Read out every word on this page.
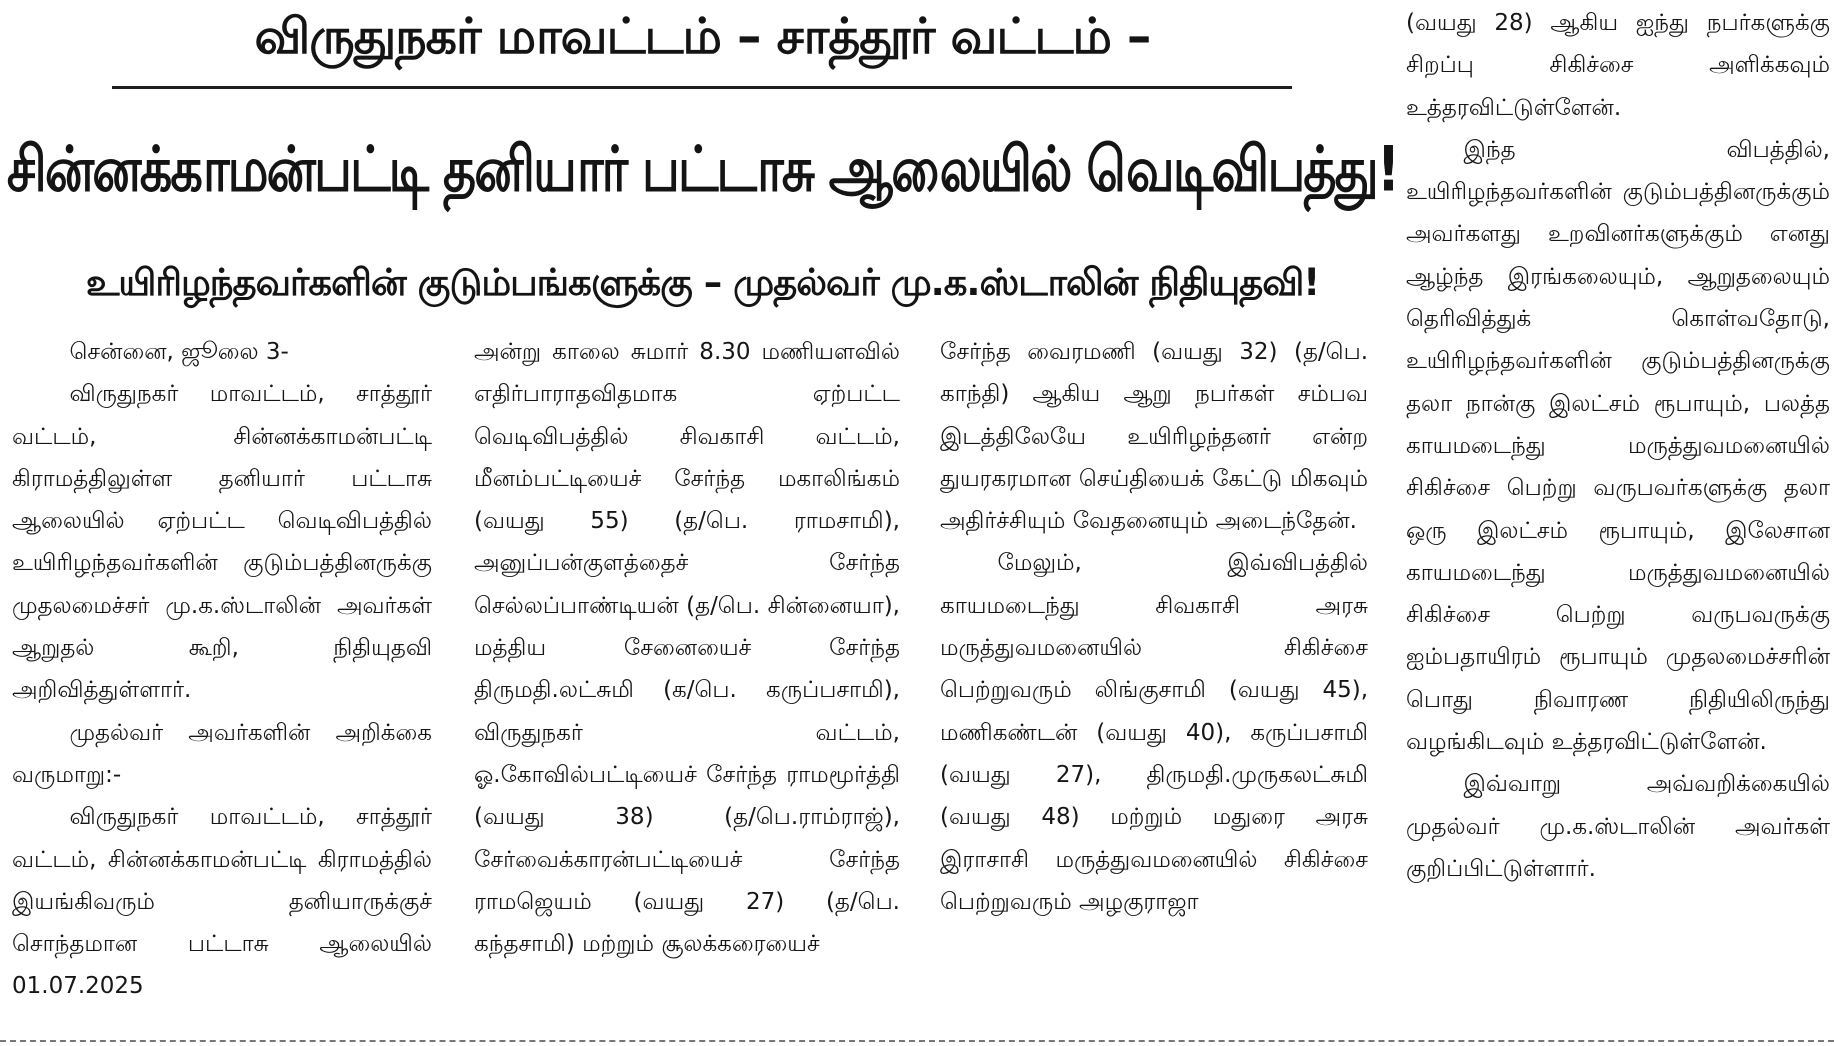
விருதுநகர் மாவட்டம் – சாத்தூர் வட்டம் –
சின்னக்காமன்பட்டி தனியார் பட்டாசு ஆலையில் வெடிவிபத்து!
உயிரிழந்தவர்களின் குடும்பங்களுக்கு – முதல்வர் மு.க.ஸ்டாலின் நிதியுதவி!

சென்னை, ஜூலை 3-

விருதுநகர் மாவட்டம், சாத்தூர் வட்டம், சின்னக்காமன்பட்டி கிராமத்திலுள்ள தனியார் பட்டாசு ஆலையில் ஏற்பட்ட வெடிவிபத்தில் உயிரிழந்தவர்களின் குடும்பத்தினருக்கு முதலமைச்சர் மு.க.ஸ்டாலின் அவர்கள் ஆறுதல் கூறி, நிதியுதவி அறிவித்துள்ளார்.

முதல்வர் அவர்களின் அறிக்கை வருமாறு:-

விருதுநகர் மாவட்டம், சாத்தூர் வட்டம், சின்னக்காமன்பட்டி கிராமத்தில் இயங்கிவரும் தனியாருக்குச் சொந்தமான பட்டாசு ஆலையில் 01.07.2025

அன்று காலை சுமார் 8.30 மணியளவில் எதிர்பாராதவிதமாக ஏற்பட்ட வெடிவிபத்தில் சிவகாசி வட்டம், மீனம்பட்டியைச் சேர்ந்த மகாலிங்கம் (வயது 55) (த/பெ. ராமசாமி), அனுப்பன்குளத்தைச் சேர்ந்த செல்லப்பாண்டியன் (த/பெ. சின்னையா), மத்திய சேனையைச் சேர்ந்த திருமதி.லட்சுமி (க/பெ. கருப்பசாமி), விருதுநகர் வட்டம், ஓ.கோவில்பட்டியைச் சேர்ந்த ராமமூர்த்தி (வயது 38) (த/பெ.ராம்ராஜ்), சேர்வைக்காரன்பட்டியைச் சேர்ந்த ராமஜெயம் (வயது 27) (த/பெ. கந்தசாமி) மற்றும் சூலக்கரையைச்

சேர்ந்த வைரமணி (வயது 32) (த/பெ. காந்தி) ஆகிய ஆறு நபர்கள் சம்பவ இடத்திலேயே உயிரிழந்தனர் என்ற துயரகரமான செய்தியைக் கேட்டு மிகவும் அதிர்ச்சியும் வேதனையும் அடைந்தேன்.

மேலும், இவ்விபத்தில் காயமடைந்து சிவகாசி அரசு மருத்துவமனையில் சிகிச்சை பெற்றுவரும் லிங்குசாமி (வயது 45), மணிகண்டன் (வயது 40), கருப்பசாமி (வயது 27), திருமதி.முருகலட்சுமி (வயது 48) மற்றும் மதுரை அரசு இராசாசி மருத்துவமனையில் சிகிச்சை பெற்றுவரும் அழகுராஜா

(வயது 28) ஆகிய ஐந்து நபர்களுக்கு சிறப்பு சிகிச்சை அளிக்கவும் உத்தரவிட்டுள்ளேன்.

இந்த விபத்தில், உயிரிழந்தவர்களின் குடும்பத்தினருக்கும் அவர்களது உறவினர்களுக்கும் எனது ஆழ்ந்த இரங்கலையும், ஆறுதலையும் தெரிவித்துக் கொள்வதோடு, உயிரிழந்தவர்களின் குடும்பத்தினருக்கு தலா நான்கு இலட்சம் ரூபாயும், பலத்த காயமடைந்து மருத்துவமனையில் சிகிச்சை பெற்று வருபவர்களுக்கு தலா ஒரு இலட்சம் ரூபாயும், இலேசான காயமடைந்து மருத்துவமனையில் சிகிச்சை பெற்று வருபவருக்கு ஐம்பதாயிரம் ரூபாயும் முதலமைச்சரின் பொது நிவாரண நிதியிலிருந்து வழங்கிடவும் உத்தரவிட்டுள்ளேன்.

இவ்வாறு அவ்வறிக்கையில் முதல்வர் மு.க.ஸ்டாலின் அவர்கள் குறிப்பிட்டுள்ளார்.
